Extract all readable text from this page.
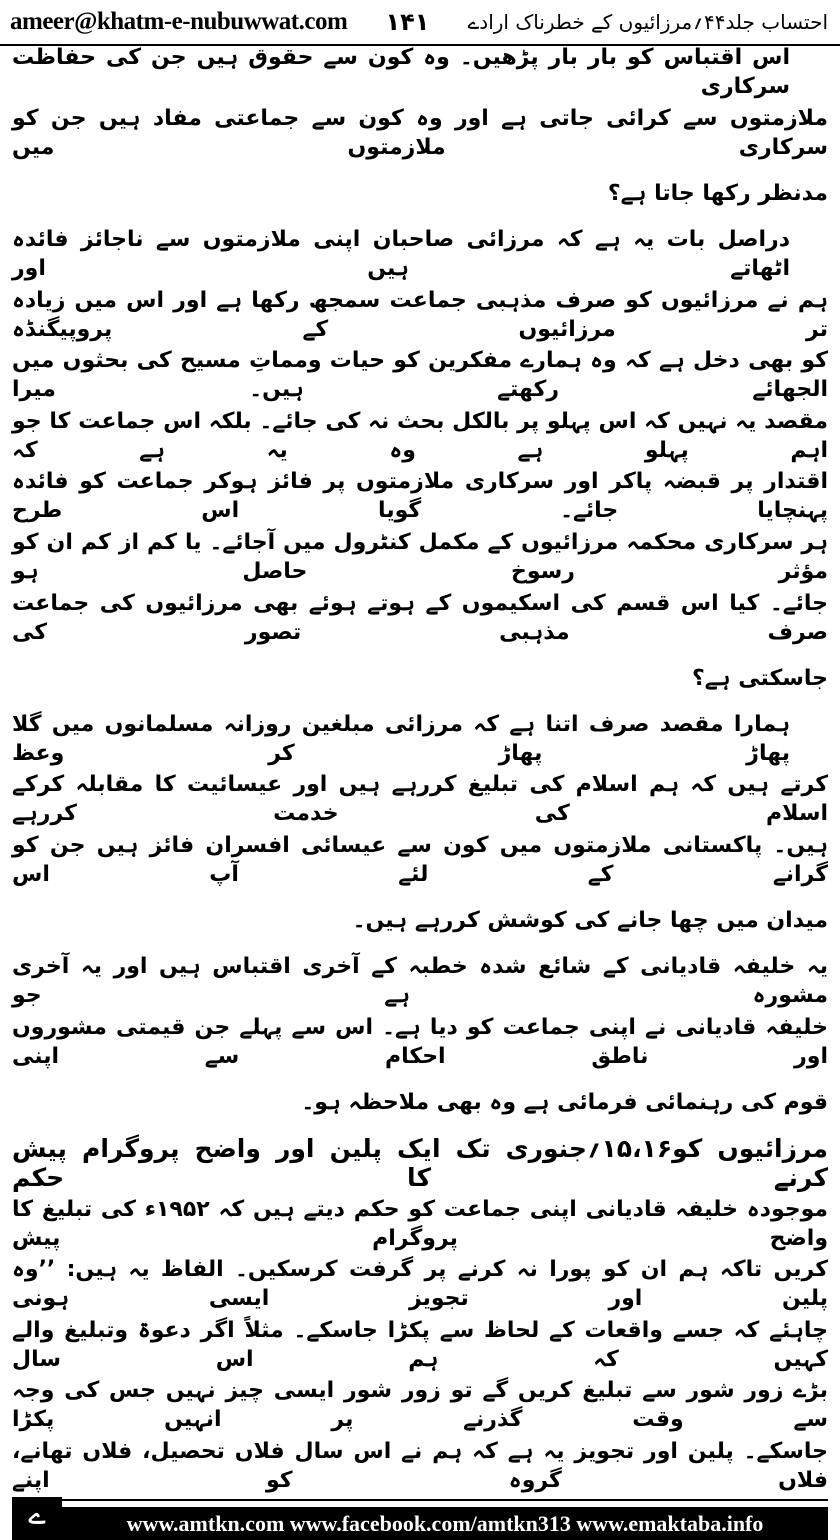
ameer@khatm-e-nubuwwat.com ۱۴۱ احتساب جلد۴۴؍مرزائیوں کے خطرناک ارادے
اس اقتباس کو بار بار پڑھیں۔ وہ کون سے حقوق ہیں جن کی حفاظت سرکاری
ملازمتوں سے کرائی جاتی ہے اور وہ کون سے جماعتی مفاد ہیں جن کو سرکاری ملازمتوں میں
مدنظر رکھا جاتا ہے؟
دراصل بات یہ ہے کہ مرزائی صاحبان اپنی ملازمتوں سے ناجائز فائدہ اٹھاتے ہیں اور
ہم نے مرزائیوں کو صرف مذہبی جماعت سمجھ رکھا ہے اور اس میں زیادہ تر مرزائیوں کے پروپیگنڈہ
کو بھی دخل ہے کہ وہ ہمارے مفکرین کو حیات ومماتِ مسیح کی بحثوں میں الجھائے رکھتے ہیں۔ میرا
مقصد یہ نہیں کہ اس پہلو پر بالکل بحث نہ کی جائے۔ بلکہ اس جماعت کا جو اہم پہلو ہے وہ یہ ہے کہ
اقتدار پر قبضہ پاکر اور سرکاری ملازمتوں پر فائز ہوکر جماعت کو فائدہ پہنچایا جائے۔ گویا اس طرح
ہر سرکاری محکمہ مرزائیوں کے مکمل کنٹرول میں آجائے۔ یا کم از کم ان کو مؤثر رسوخ حاصل ہو
جائے۔ کیا اس قسم کی اسکیموں کے ہوتے ہوئے بھی مرزائیوں کی جماعت صرف مذہبی تصور کی
جاسکتی ہے؟
ہمارا مقصد صرف اتنا ہے کہ مرزائی مبلغین روزانہ مسلمانوں میں گلا پھاڑ پھاڑ کر وعظ
کرتے ہیں کہ ہم اسلام کی تبلیغ کررہے ہیں اور عیسائیت کا مقابلہ کرکے اسلام کی خدمت کررہے
ہیں۔ پاکستانی ملازمتوں میں کون سے عیسائی افسران فائز ہیں جن کو گرانے کے لئے آپ اس
میدان میں چھا جانے کی کوشش کررہے ہیں۔
یہ خلیفہ قادیانی کے شائع شدہ خطبہ کے آخری اقتباس ہیں اور یہ آخری مشورہ ہے جو
خلیفہ قادیانی نے اپنی جماعت کو دیا ہے۔ اس سے پہلے جن قیمتی مشوروں اور ناطق احکام سے اپنی
قوم کی رہنمائی فرمائی ہے وہ بھی ملاحظہ ہو۔
مرزائیوں کو۱۵،۱۶؍جنوری تک ایک پلین اور واضح پروگرام پیش کرنے کا حکم
موجودہ خلیفہ قادیانی اپنی جماعت کو حکم دیتے ہیں کہ ۱۹۵۲ء کی تبلیغ کا واضح پروگرام پیش
کریں تاکہ ہم ان کو پورا نہ کرنے پر گرفت کرسکیں۔ الفاظ یہ ہیں: ’’وہ پلین اور تجویز ایسی ہونی
چاہئے کہ جسے واقعات کے لحاظ سے پکڑا جاسکے۔ مثلاً اگر دعوۃ وتبلیغ والے کہیں کہ ہم اس سال
بڑے زور شور سے تبلیغ کریں گے تو زور شور ایسی چیز نہیں جس کی وجہ سے وقت گذرنے پر انہیں پکڑا
جاسکے۔ پلین اور تجویز یہ ہے کہ ہم نے اس سال فلاں تحصیل، فلاں تھانے، فلاں گروہ کو اپنے
ے	www.amtkn.com www.facebook.com/amtkn313 www.emaktaba.info
